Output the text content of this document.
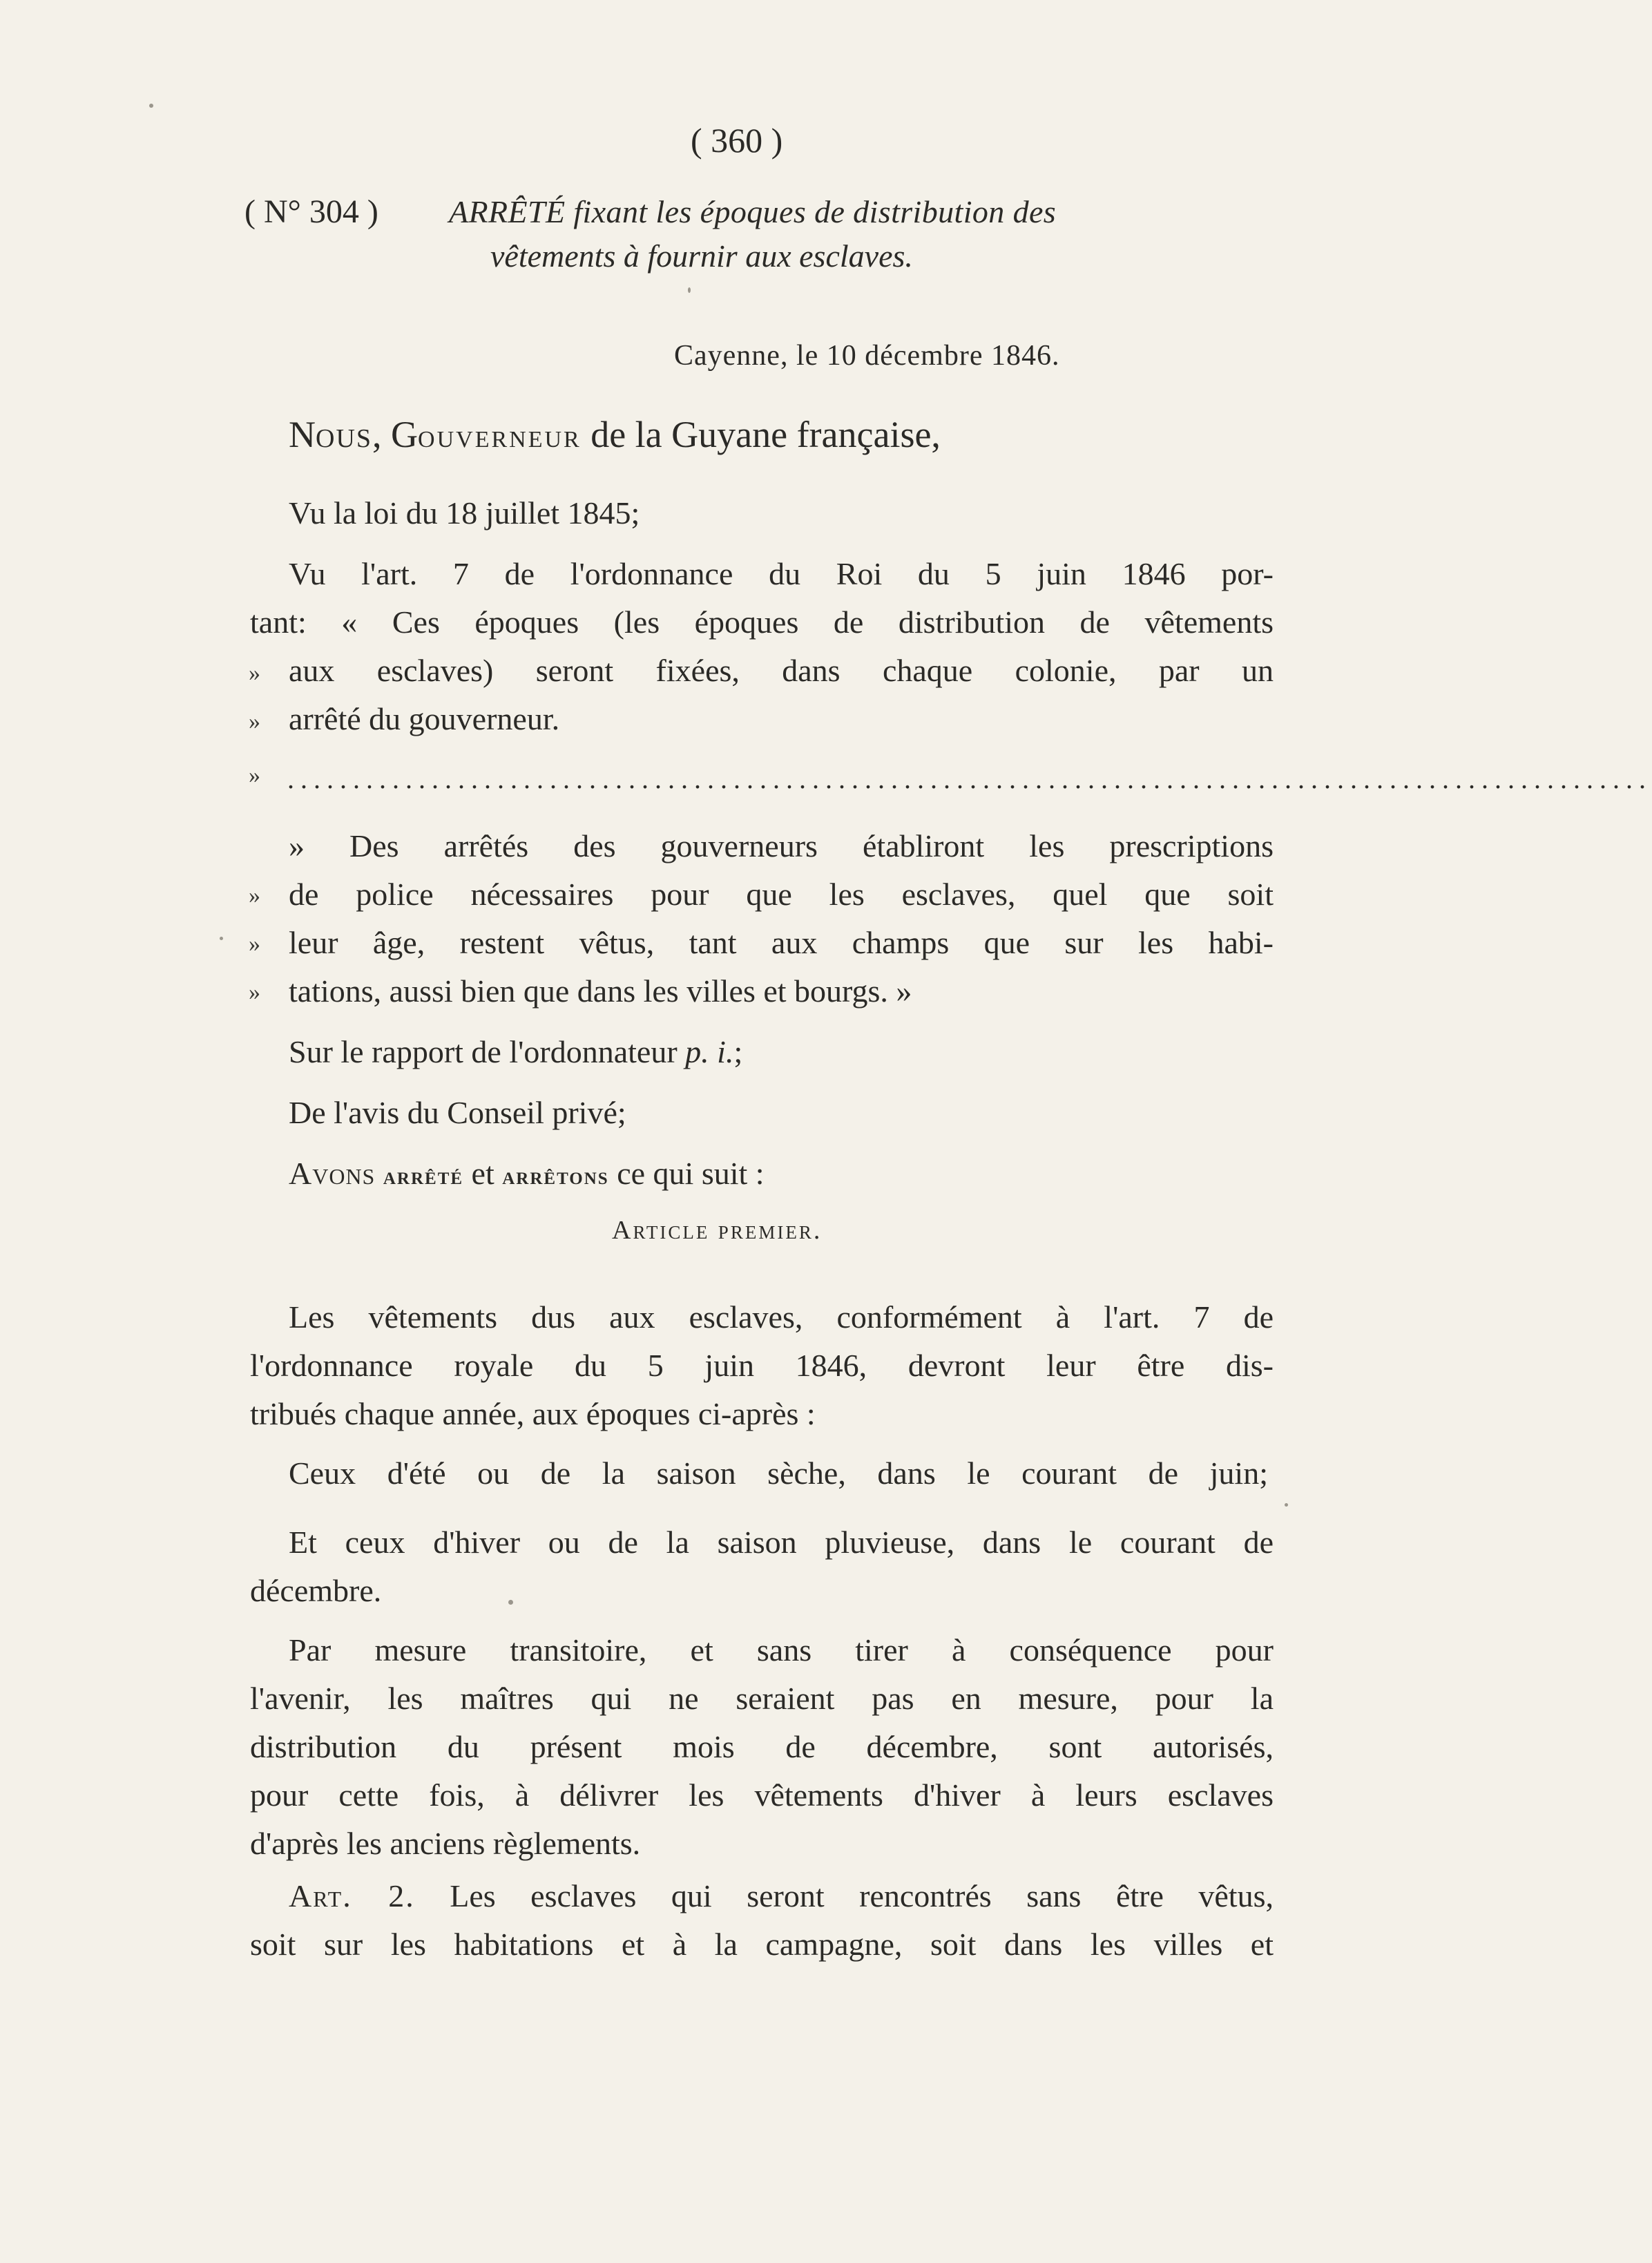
( 360 )
( N° 304 ) ARRÊTÉ fixant les époques de distribution des
vêtements à fournir aux esclaves.
Cayenne, le 10 décembre 1846.
NOUS, GOUVERNEUR de la Guyane française,
Vu la loi du 18 juillet 1845;
Vu l'art. 7 de l'ordonnance du Roi du 5 juin 1846 por-
tant: « Ces époques (les époques de distribution de vêtements
aux esclaves) seront fixées, dans chaque colonie, par un
arrêté du gouverneur.
»
»
» ........................................................................................................
» Des arrêtés des gouverneurs établiront les prescriptions
de police nécessaires pour que les esclaves, quel que soit
leur âge, restent vêtus, tant aux champs que sur les habi-
tations, aussi bien que dans les villes et bourgs. »
»
»
»
Sur le rapport de l'ordonnateur p. i.;
De l'avis du Conseil privé;
Avons arrêté et arrêtons ce qui suit :
Article premier.
Les vêtements dus aux esclaves, conformément à l'art. 7 de
l'ordonnance royale du 5 juin 1846, devront leur être dis-
tribués chaque année, aux époques ci-après :
Ceux d'été ou de la saison sèche, dans le courant de juin;
Et ceux d'hiver ou de la saison pluvieuse, dans le courant de
décembre.
Par mesure transitoire, et sans tirer à conséquence pour
l'avenir, les maîtres qui ne seraient pas en mesure, pour la
distribution du présent mois de décembre, sont autorisés,
pour cette fois, à délivrer les vêtements d'hiver à leurs esclaves
d'après les anciens règlements.
Art. 2. Les esclaves qui seront rencontrés sans être vêtus,
soit sur les habitations et à la campagne, soit dans les villes et
